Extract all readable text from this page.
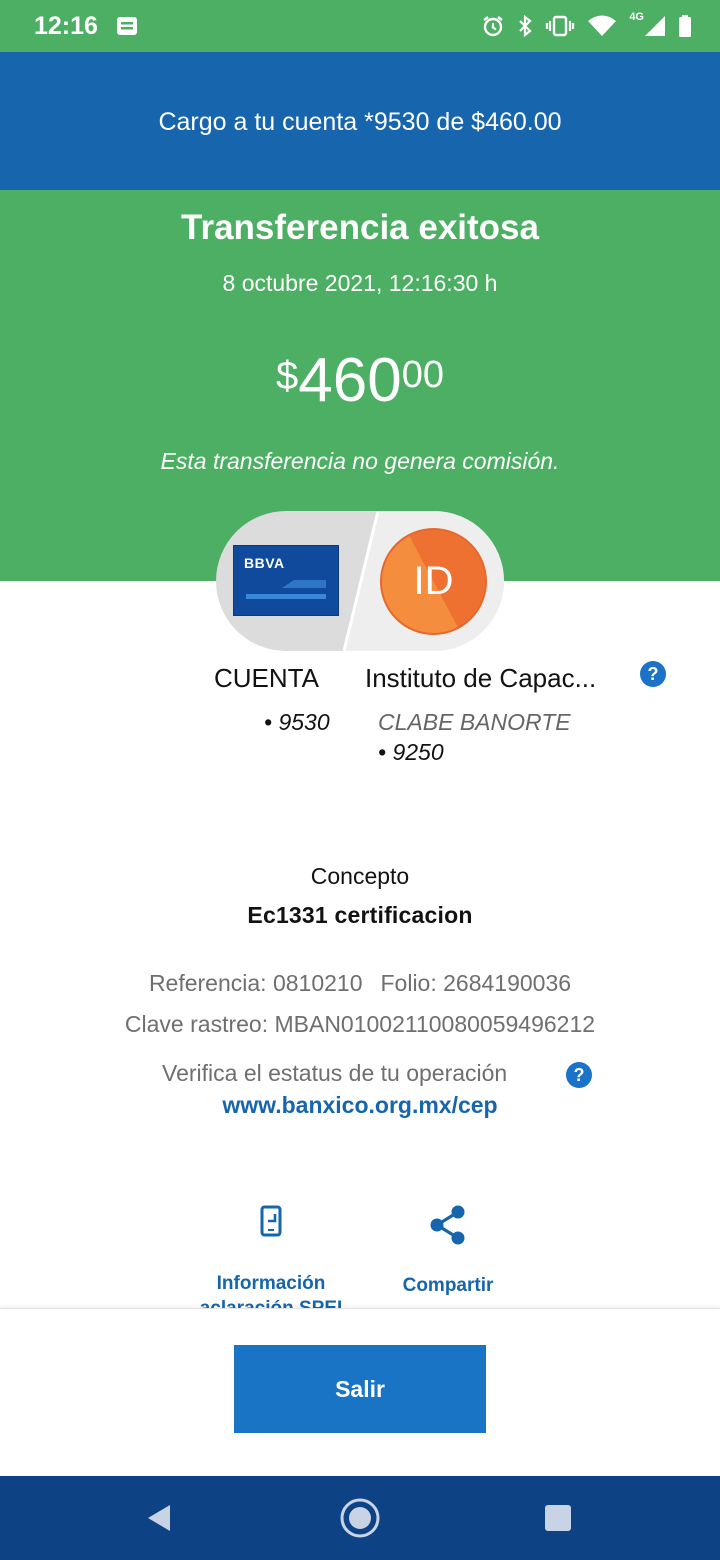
12:16	4G
Cargo a tu cuenta *9530 de $460.00
Transferencia exitosa
8 octubre 2021, 12:16:30 h
$46000
Esta transferencia no genera comisión.
BBVA	ID
CUENTA Instituto de Capac...	?
• 9530 CLABE BANORTE
• 9250
Concepto
Ec1331 certificacion
Referencia: 0810210 Folio: 2684190036
Clave rastreo: MBAN01002110080059496212
Verifica el estatus de tu operación	?
www.banxico.org.mx/cep
Información	Compartir
Salir
